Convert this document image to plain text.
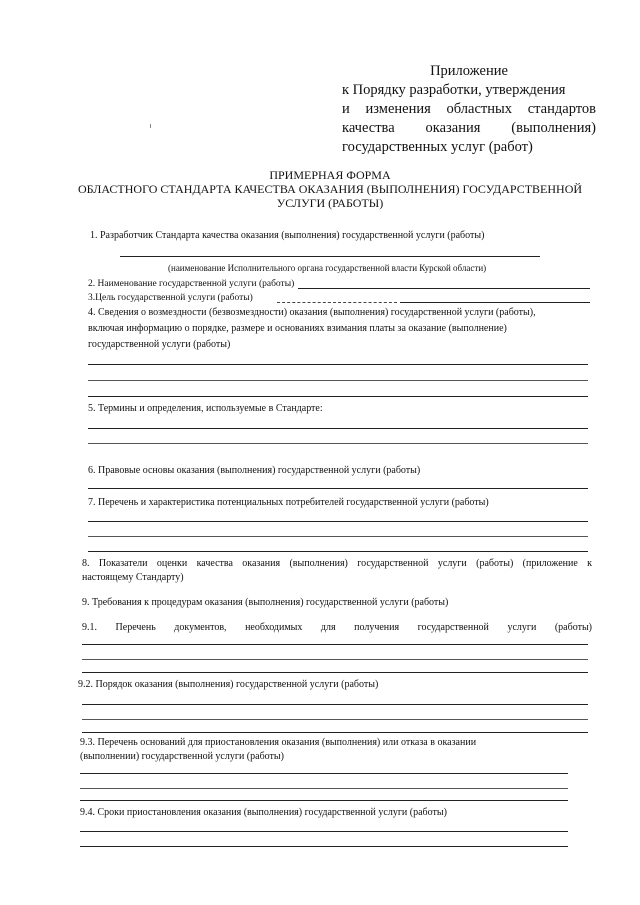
Приложение
к Порядку разработки, утверждения
и изменения областных стандартов
качества оказания (выполнения)
государственных услуг (работ)
ПРИМЕРНАЯ ФОРМА
ОБЛАСТНОГО СТАНДАРТА КАЧЕСТВА ОКАЗАНИЯ (ВЫПОЛНЕНИЯ) ГОСУДАРСТВЕННОЙ
УСЛУГИ (РАБОТЫ)
1. Разработчик Стандарта качества оказания (выполнения) государственной услуги (работы)
(наименование Исполнительного органа государственной власти Курской области)
2. Наименование государственной услуги (работы)
3.Цель государственной услуги (работы)
4. Сведения о возмездности (безвозмездности) оказания (выполнения) государственной услуги (работы),
включая информацию о порядке, размере и основаниях взимания платы за оказание (выполнение)
государственной услуги (работы)
5. Термины и определения, используемые в Стандарте:
6. Правовые основы оказания (выполнения) государственной услуги (работы)
7. Перечень и характеристика потенциальных потребителей государственной услуги (работы)
8. Показатели оценки качества оказания (выполнения) государственной услуги (работы) (приложение к
настоящему Стандарту)
9. Требования к процедурам оказания (выполнения) государственной услуги (работы)
9.1. Перечень документов, необходимых для получения государственной услуги (работы)
9.2. Порядок оказания (выполнения) государственной услуги (работы)
9.3. Перечень оснований для приостановления оказания (выполнения) или отказа в оказании
(выполнении) государственной услуги (работы)
9.4. Сроки приостановления оказания (выполнения) государственной услуги (работы)
